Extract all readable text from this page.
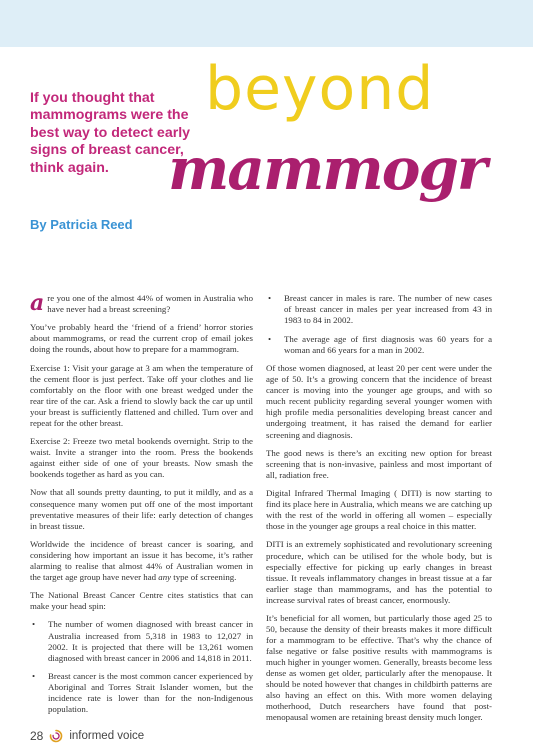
If you thought that mammograms were the best way to detect early signs of breast cancer, think again.
beyond
mammogr
By Patricia Reed

are you one of the almost 44% of women in Australia who have never had a breast screening?

You’ve probably heard the ‘friend of a friend’ horror stories about mammograms, or read the current crop of email jokes doing the rounds, about how to prepare for a mammogram.

Exercise 1: Visit your garage at 3 am when the temperature of the cement floor is just perfect. Take off your clothes and lie comfortably on the floor with one breast wedged under the rear tire of the car. Ask a friend to slowly back the car up until your breast is sufficiently flattened and chilled. Turn over and repeat for the other breast.

Exercise 2: Freeze two metal bookends overnight. Strip to the waist. Invite a stranger into the room. Press the bookends against either side of one of your breasts. Now smash the bookends together as hard as you can.

Now that all sounds pretty daunting, to put it mildly, and as a consequence many women put off one of the most important preventative measures of their life: early detection of changes in breast tissue.

Worldwide the incidence of breast cancer is soaring, and considering how important an issue it has become, it’s rather alarming to realise that almost 44% of Australian women in the target age group have never had any type of screening.

The National Breast Cancer Centre cites statistics that can make your head spin:

• The number of women diagnosed with breast cancer in Australia increased from 5,318 in 1983 to 12,027 in 2002. It is projected that there will be 13,261 women diagnosed with breast cancer in 2006 and 14,818 in 2011.
• Breast cancer is the most common cancer experienced by Aboriginal and Torres Strait Islander women, but the incidence rate is lower than for the non-Indigenous population.
• Breast cancer in males is rare. The number of new cases of breast cancer in males per year increased from 43 in 1983 to 84 in 2002.
• The average age of first diagnosis was 60 years for a woman and 66 years for a man in 2002.

Of those women diagnosed, at least 20 per cent were under the age of 50. It’s a growing concern that the incidence of breast cancer is moving into the younger age groups, and with so much recent publicity regarding several younger women with high profile media personalities developing breast cancer and undergoing treatment, it has raised the demand for earlier screening and diagnosis.

The good news is there’s an exciting new option for breast screening that is non-invasive, painless and most important of all, radiation free.

Digital Infrared Thermal Imaging ( DITI) is now starting to find its place here in Australia, which means we are catching up with the rest of the world in offering all women – especially those in the younger age groups a real choice in this matter.

DITI is an extremely sophisticated and revolutionary screening procedure, which can be utilised for the whole body, but is especially effective for picking up early changes in breast tissue. It reveals inflammatory changes in breast tissue at a far earlier stage than mammograms, and has the potential to increase survival rates of breast cancer, enormously.

It’s beneficial for all women, but particularly those aged 25 to 50, because the density of their breasts makes it more difficult for a mammogram to be effective. That’s why the chance of false negative or false positive results with mammograms is much higher in younger women. Generally, breasts become less dense as women get older, particularly after the menopause. It should be noted however that changes in childbirth patterns are also having an effect on this. With more women delaying motherhood, Dutch researchers have found that post-menopausal women are retaining breast density much longer.

28 informed voice
